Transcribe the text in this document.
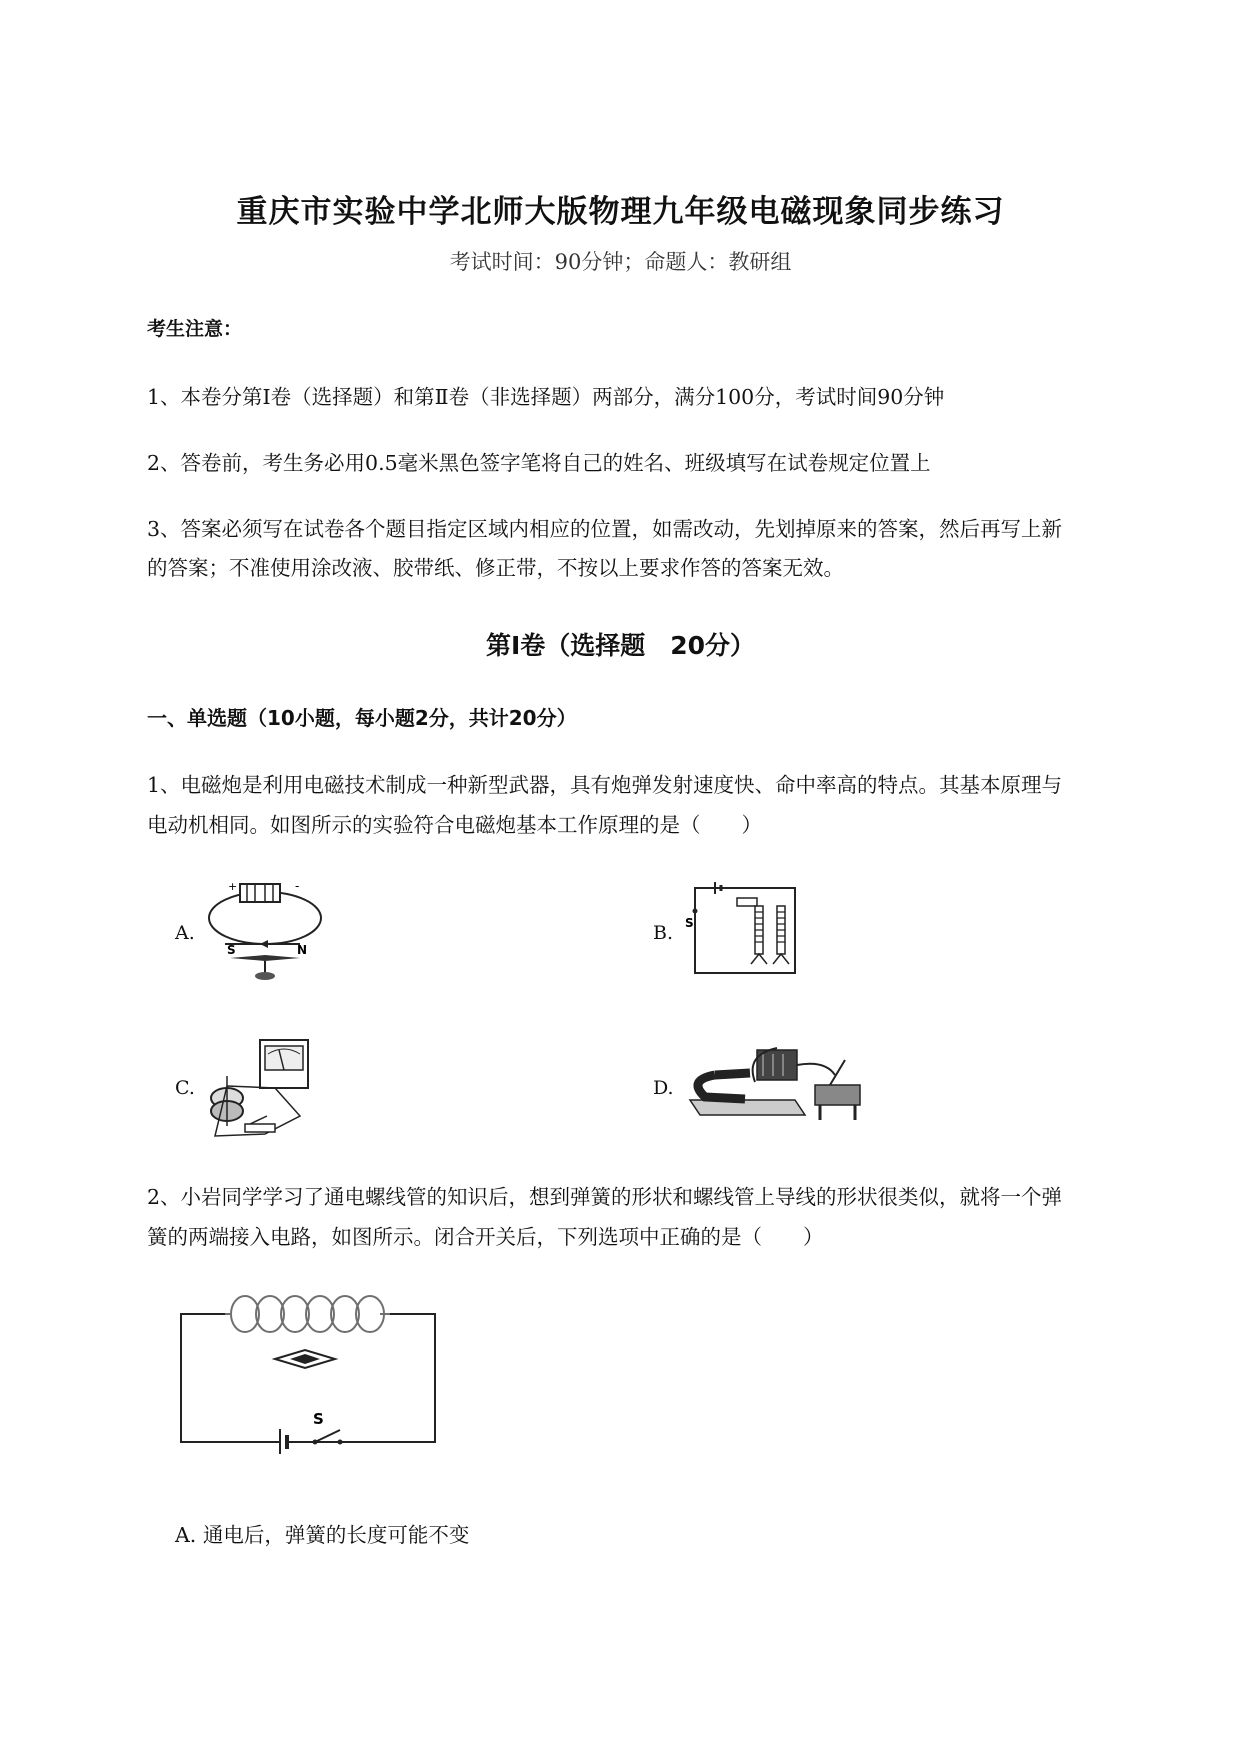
重庆市实验中学北师大版物理九年级电磁现象同步练习
考试时间：90分钟；命题人：教研组
考生注意：
1、本卷分第I卷（选择题）和第Ⅱ卷（非选择题）两部分，满分100分，考试时间90分钟
2、答卷前，考生务必用0.5毫米黑色签字笔将自己的姓名、班级填写在试卷规定位置上
3、答案必须写在试卷各个题目指定区域内相应的位置，如需改动，先划掉原来的答案，然后再写上新
的答案；不准使用涂改液、胶带纸、修正带，不按以上要求作答的答案无效。
第I卷（选择题　20分）
一、单选题（10小题，每小题2分，共计20分）
1、电磁炮是利用电磁技术制成一种新型武器，具有炮弹发射速度快、命中率高的特点。其基本原理与
电动机相同。如图所示的实验符合电磁炮基本工作原理的是（　　）
A.
+	-
S	N
B. S
C.	D.
2、小岩同学学习了通电螺线管的知识后，想到弹簧的形状和螺线管上导线的形状很类似，就将一个弹
簧的两端接入电路，如图所示。闭合开关后，下列选项中正确的是（　　）
S
A. 通电后，弹簧的长度可能不变
